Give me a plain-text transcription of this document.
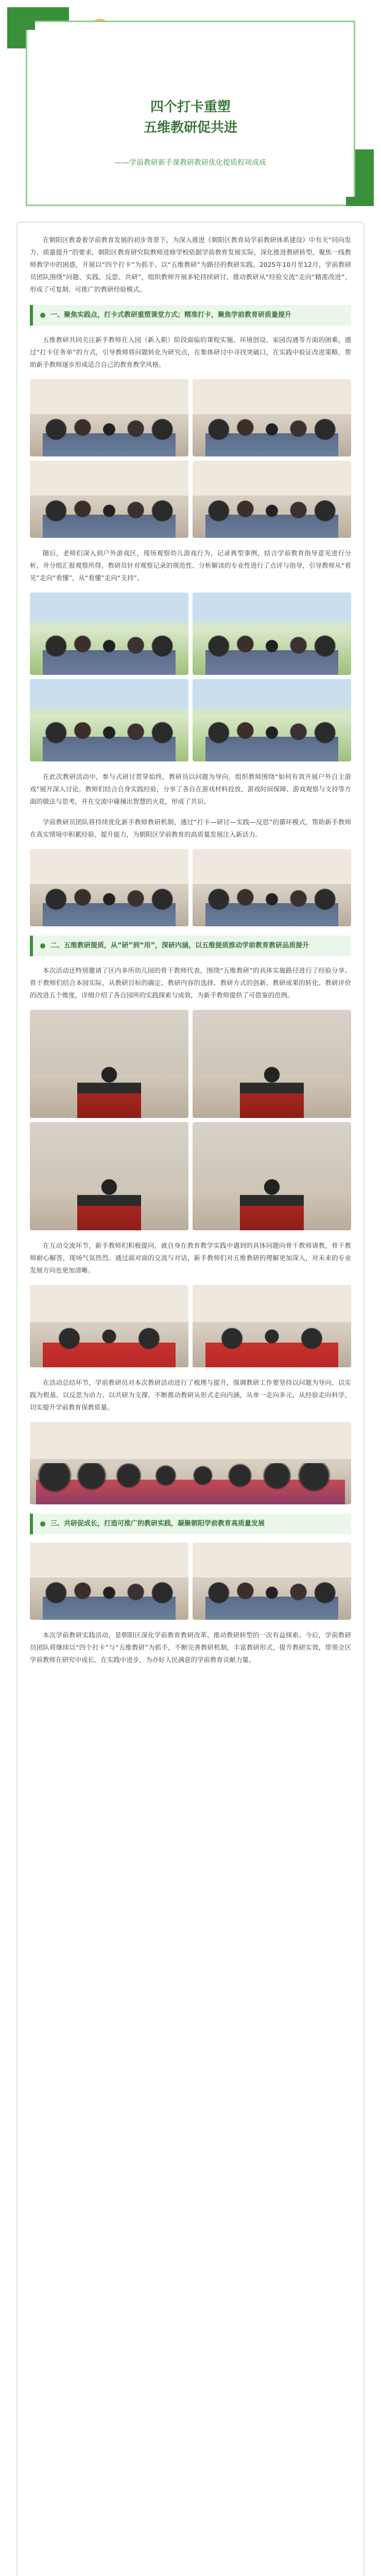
四个打卡重塑
五维教研促共进
——学前教研新手课教研教研优化提质程项成成

在朝阳区教委着学前教育发展的初步背景下，为深入推进《朝阳区教育局学前教研体系建设》中有关“同向发力、质量提升”的要求，朝阳区教育研究院教师进修学校依据学前教育发展实际，深化推进教研转型，聚焦一线教师教学中的困惑，开展以“四个打卡”为抓手、以“五维教研”为路径的教研实践。2025年10月至12月，学前教研员团队围绕“问题、实践、反思、共研”，组织教师开展多轮持续研讨，推动教研从“经验交流”走向“精准改进”，形成了可复制、可推广的教研经验模式。

一、聚焦实践点，打卡式教研重塑课堂方式；精准打卡，聚焦学前教育研质量提升

五维教研共同关注新手教师在入园（新入职）阶段面临的课程实施、环境创设、家园沟通等方面的困难，通过“打卡任务单”的方式，引导教师将问题转化为研究点，在集体研讨中寻找突破口，在实践中验证改进策略，帮助新手教师逐步形成适合自己的教育教学风格。

随后，老师们深入到户外游戏区，现场观察幼儿游戏行为，记录典型事例，结合学前教育指导意见进行分析，并分组汇报观察所得。教研员针对观察记录的规范性、分析解读的专业性进行了点评与指导，引导教师从“看见”走向“看懂”，从“看懂”走向“支持”。

在此次教研活动中，参与式研讨贯穿始终，教研员以问题为导向，组织教师围绕“如何有效开展户外自主游戏”展开深入讨论。教师们结合自身实践经验，分享了各自在游戏材料投放、游戏时间保障、游戏观察与支持等方面的做法与思考，并在交流中碰撞出智慧的火花，形成了共识。

学前教研员团队将持续优化新手教师教研机制，通过“打卡—研讨—实践—反思”的循环模式，帮助新手教师在真实情境中积累经验、提升能力，为朝阳区学前教育的高质量发展注入新活力。

二、五维教研提质，从“研”到“用”，深研内涵，以五维提质推动学前教育教研品质提升

本次活动还特别邀请了区内多所幼儿园的骨干教师代表，围绕“五维教研”的具体实施路径进行了经验分享。骨干教师们结合本园实际，从教研目标的确定、教研内容的选择、教研方式的创新、教研成果的转化、教研评价的改进五个维度，详细介绍了各自园所的实践探索与成效，为新手教师提供了可借鉴的范例。

在互动交流环节，新手教师们积极提问，就自身在教育教学实践中遇到的具体问题向骨干教师请教，骨干教师耐心解答，现场气氛热烈。通过面对面的交流与对话，新手教师们对五维教研的理解更加深入，对未来的专业发展方向也更加清晰。

在活动总结环节，学前教研员对本次教研活动进行了梳理与提升，强调教研工作要坚持以问题为导向、以实践为根基、以反思为动力、以共研为支撑，不断推动教研从形式走向内涵，从单一走向多元，从经验走向科学，切实提升学前教育保教质量。

三、共研促成长，打造可推广的教研实践，凝聚朝阳学前教育高质量发展

本次学前教研实践活动，是朝阳区深化学前教育教研改革、推动教研转型的一次有益探索。今后，学前教研员团队将继续以“四个打卡”与“五维教研”为抓手，不断完善教研机制，丰富教研形式，提升教研实效，带领全区学前教师在研究中成长、在实践中进步，为办好人民满意的学前教育贡献力量。
